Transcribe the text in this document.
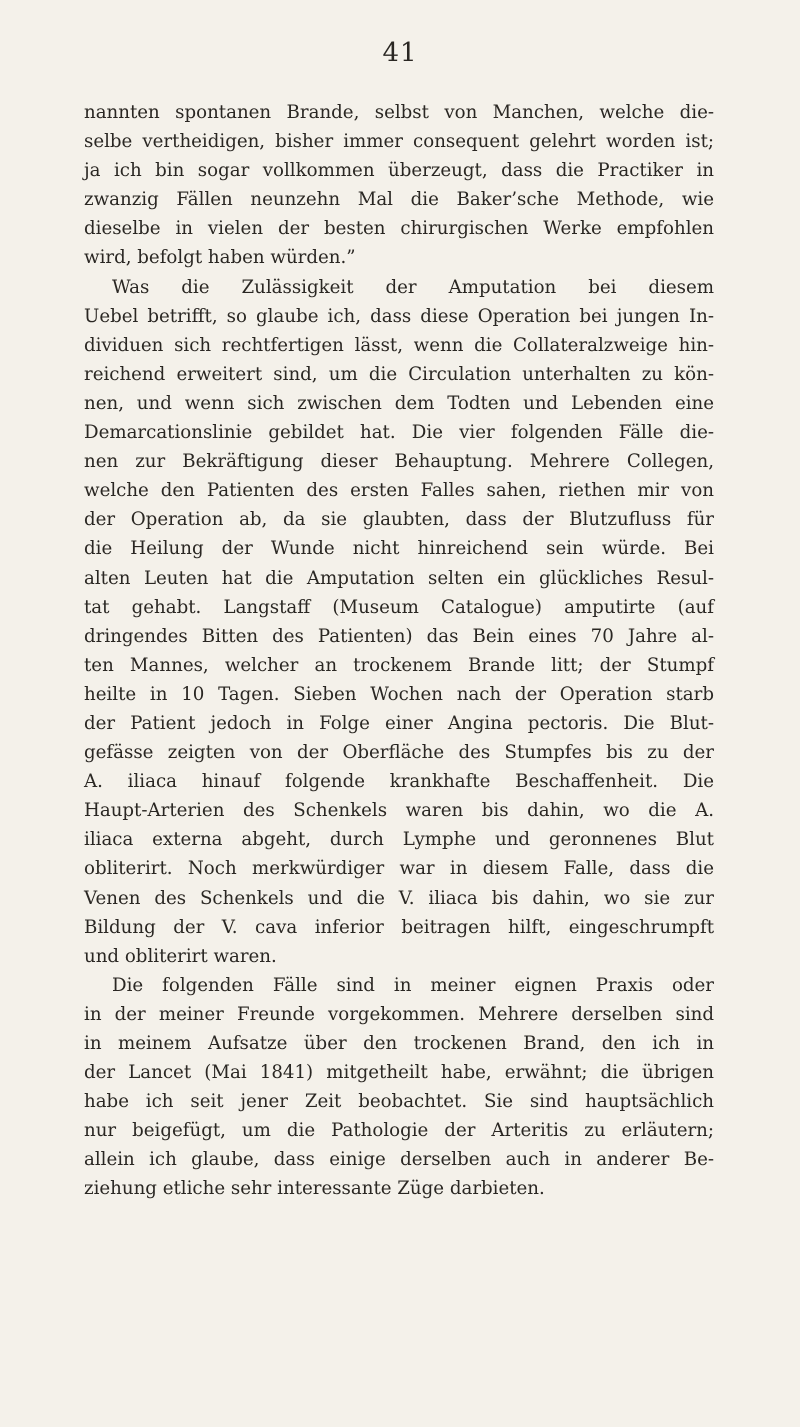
41
nannten spontanen Brande, selbst von Manchen, welche die-
selbe vertheidigen, bisher immer consequent gelehrt worden ist;
ja ich bin sogar vollkommen überzeugt, dass die Practiker in
zwanzig Fällen neunzehn Mal die Baker’sche Methode, wie
dieselbe in vielen der besten chirurgischen Werke empfohlen
wird, befolgt haben würden.”
Was die Zulässigkeit der Amputation bei diesem
Uebel betrifft, so glaube ich, dass diese Operation bei jungen In-
dividuen sich rechtfertigen lässt, wenn die Collateralzweige hin-
reichend erweitert sind, um die Circulation unterhalten zu kön-
nen, und wenn sich zwischen dem Todten und Lebenden eine
Demarcationslinie gebildet hat. Die vier folgenden Fälle die-
nen zur Bekräftigung dieser Behauptung. Mehrere Collegen,
welche den Patienten des ersten Falles sahen, riethen mir von
der Operation ab, da sie glaubten, dass der Blutzufluss für
die Heilung der Wunde nicht hinreichend sein würde. Bei
alten Leuten hat die Amputation selten ein glückliches Resul-
tat gehabt. Langstaff (Museum Catalogue) amputirte (auf
dringendes Bitten des Patienten) das Bein eines 70 Jahre al-
ten Mannes, welcher an trockenem Brande litt; der Stumpf
heilte in 10 Tagen. Sieben Wochen nach der Operation starb
der Patient jedoch in Folge einer Angina pectoris. Die Blut-
gefässe zeigten von der Oberfläche des Stumpfes bis zu der
A. iliaca hinauf folgende krankhafte Beschaffenheit. Die
Haupt-Arterien des Schenkels waren bis dahin, wo die A.
iliaca externa abgeht, durch Lymphe und geronnenes Blut
obliterirt. Noch merkwürdiger war in diesem Falle, dass die
Venen des Schenkels und die V. iliaca bis dahin, wo sie zur
Bildung der V. cava inferior beitragen hilft, eingeschrumpft
und obliterirt waren.
Die folgenden Fälle sind in meiner eignen Praxis oder
in der meiner Freunde vorgekommen. Mehrere derselben sind
in meinem Aufsatze über den trockenen Brand, den ich in
der Lancet (Mai 1841) mitgetheilt habe, erwähnt; die übrigen
habe ich seit jener Zeit beobachtet. Sie sind hauptsächlich
nur beigefügt, um die Pathologie der Arteritis zu erläutern;
allein ich glaube, dass einige derselben auch in anderer Be-
ziehung etliche sehr interessante Züge darbieten.
